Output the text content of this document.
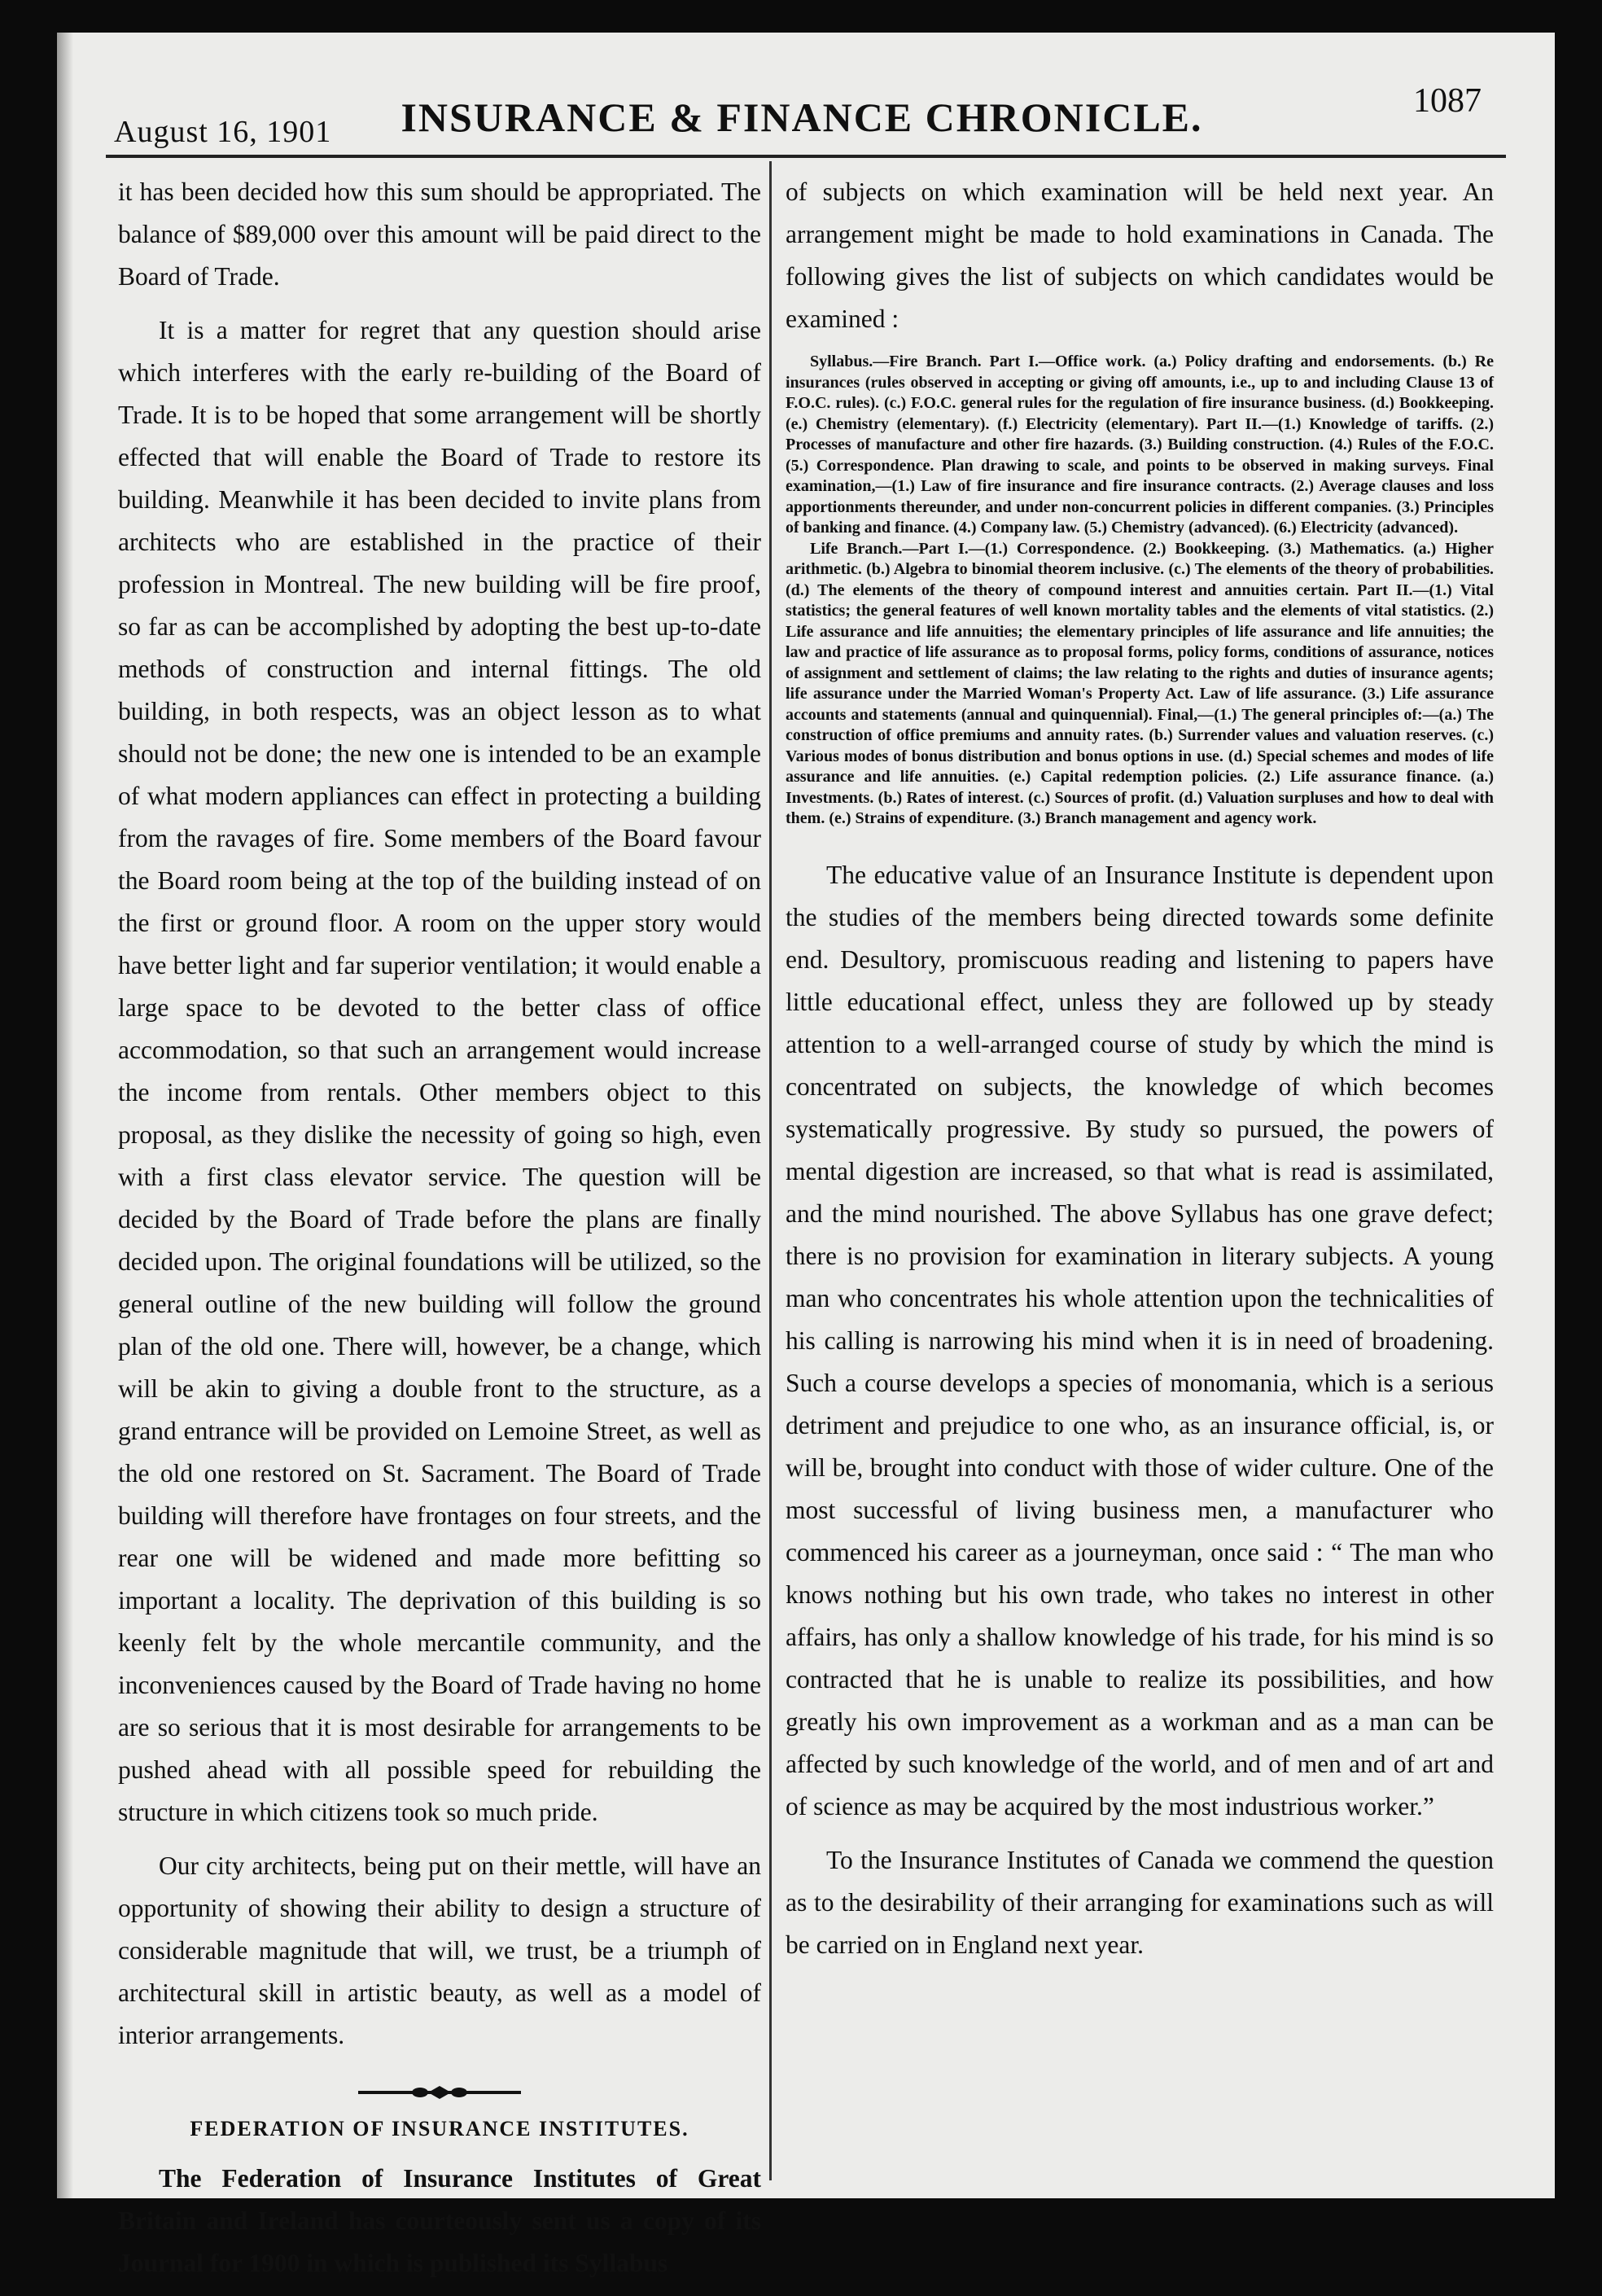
August 16, 1901	INSURANCE & FINANCE CHRONICLE.	1087

it has been decided how this sum should be appropriated. The balance of $89,000 over this amount will be paid direct to the Board of Trade.

It is a matter for regret that any question should arise which interferes with the early re-building of the Board of Trade. It is to be hoped that some arrangement will be shortly effected that will enable the Board of Trade to restore its building. Meanwhile it has been decided to invite plans from architects who are established in the practice of their profession in Montreal. The new building will be fire proof, so far as can be accomplished by adopting the best up-to-date methods of construction and internal fittings. The old building, in both respects, was an object lesson as to what should not be done; the new one is intended to be an example of what modern appliances can effect in protecting a building from the ravages of fire. Some members of the Board favour the Board room being at the top of the building instead of on the first or ground floor. A room on the upper story would have better light and far superior ventilation; it would enable a large space to be devoted to the better class of office accommodation, so that such an arrangement would increase the income from rentals. Other members object to this proposal, as they dislike the necessity of going so high, even with a first class elevator service. The question will be decided by the Board of Trade before the plans are finally decided upon. The original foundations will be utilized, so the general outline of the new building will follow the ground plan of the old one. There will, however, be a change, which will be akin to giving a double front to the structure, as a grand entrance will be provided on Lemoine Street, as well as the old one restored on St. Sacrament. The Board of Trade building will therefore have frontages on four streets, and the rear one will be widened and made more befitting so important a locality. The deprivation of this building is so keenly felt by the whole mercantile community, and the inconveniences caused by the Board of Trade having no home are so serious that it is most desirable for arrangements to be pushed ahead with all possible speed for rebuilding the structure in which citizens took so much pride.

Our city architects, being put on their mettle, will have an opportunity of showing their ability to design a structure of considerable magnitude that will, we trust, be a triumph of architectural skill in artistic beauty, as well as a model of interior arrangements.

FEDERATION OF INSURANCE INSTITUTES.

The Federation of Insurance Institutes of Great Britain and Ireland has courteously sent us a copy of its Journal for 1900 in which is published its Syllabus

of subjects on which examination will be held next year. An arrangement might be made to hold examinations in Canada. The following gives the list of subjects on which candidates would be examined :

Syllabus.—Fire Branch. Part I.—Office work. (a.) Policy drafting and endorsements. (b.) Re insurances (rules observed in accepting or giving off amounts, i.e., up to and including Clause 13 of F.O.C. rules). (c.) F.O.C. general rules for the regulation of fire insurance business. (d.) Bookkeeping. (e.) Chemistry (elementary). (f.) Electricity (elementary). Part II.—(1.) Knowledge of tariffs. (2.) Processes of manufacture and other fire hazards. (3.) Building construction. (4.) Rules of the F.O.C. (5.) Correspondence. Plan drawing to scale, and points to be observed in making surveys. Final examination,—(1.) Law of fire insurance and fire insurance contracts. (2.) Average clauses and loss apportionments thereunder, and under non-concurrent policies in different companies. (3.) Principles of banking and finance. (4.) Company law. (5.) Chemistry (advanced). (6.) Electricity (advanced).

Life Branch.—Part I.—(1.) Correspondence. (2.) Bookkeeping. (3.) Mathematics. (a.) Higher arithmetic. (b.) Algebra to binomial theorem inclusive. (c.) The elements of the theory of probabilities. (d.) The elements of the theory of compound interest and annuities certain. Part II.—(1.) Vital statistics; the general features of well known mortality tables and the elements of vital statistics. (2.) Life assurance and life annuities; the elementary principles of life assurance and life annuities; the law and practice of life assurance as to proposal forms, policy forms, conditions of assurance, notices of assignment and settlement of claims; the law relating to the rights and duties of insurance agents; life assurance under the Married Woman's Property Act. Law of life assurance. (3.) Life assurance accounts and statements (annual and quinquennial). Final,—(1.) The general principles of:—(a.) The construction of office premiums and annuity rates. (b.) Surrender values and valuation reserves. (c.) Various modes of bonus distribution and bonus options in use. (d.) Special schemes and modes of life assurance and life annuities. (e.) Capital redemption policies. (2.) Life assurance finance. (a.) Investments. (b.) Rates of interest. (c.) Sources of profit. (d.) Valuation surpluses and how to deal with them. (e.) Strains of expenditure. (3.) Branch management and agency work.

The educative value of an Insurance Institute is dependent upon the studies of the members being directed towards some definite end. Desultory, promiscuous reading and listening to papers have little educational effect, unless they are followed up by steady attention to a well-arranged course of study by which the mind is concentrated on subjects, the knowledge of which becomes systematically progressive. By study so pursued, the powers of mental digestion are increased, so that what is read is assimilated, and the mind nourished. The above Syllabus has one grave defect; there is no provision for examination in literary subjects. A young man who concentrates his whole attention upon the technicalities of his calling is narrowing his mind when it is in need of broadening. Such a course develops a species of monomania, which is a serious detriment and prejudice to one who, as an insurance official, is, or will be, brought into conduct with those of wider culture. One of the most successful of living business men, a manufacturer who commenced his career as a journeyman, once said : “ The man who knows nothing but his own trade, who takes no interest in other affairs, has only a shallow knowledge of his trade, for his mind is so contracted that he is unable to realize its possibilities, and how greatly his own improvement as a workman and as a man can be affected by such knowledge of the world, and of men and of art and of science as may be acquired by the most industrious worker.”

To the Insurance Institutes of Canada we commend the question as to the desirability of their arranging for examinations such as will be carried on in England next year.
